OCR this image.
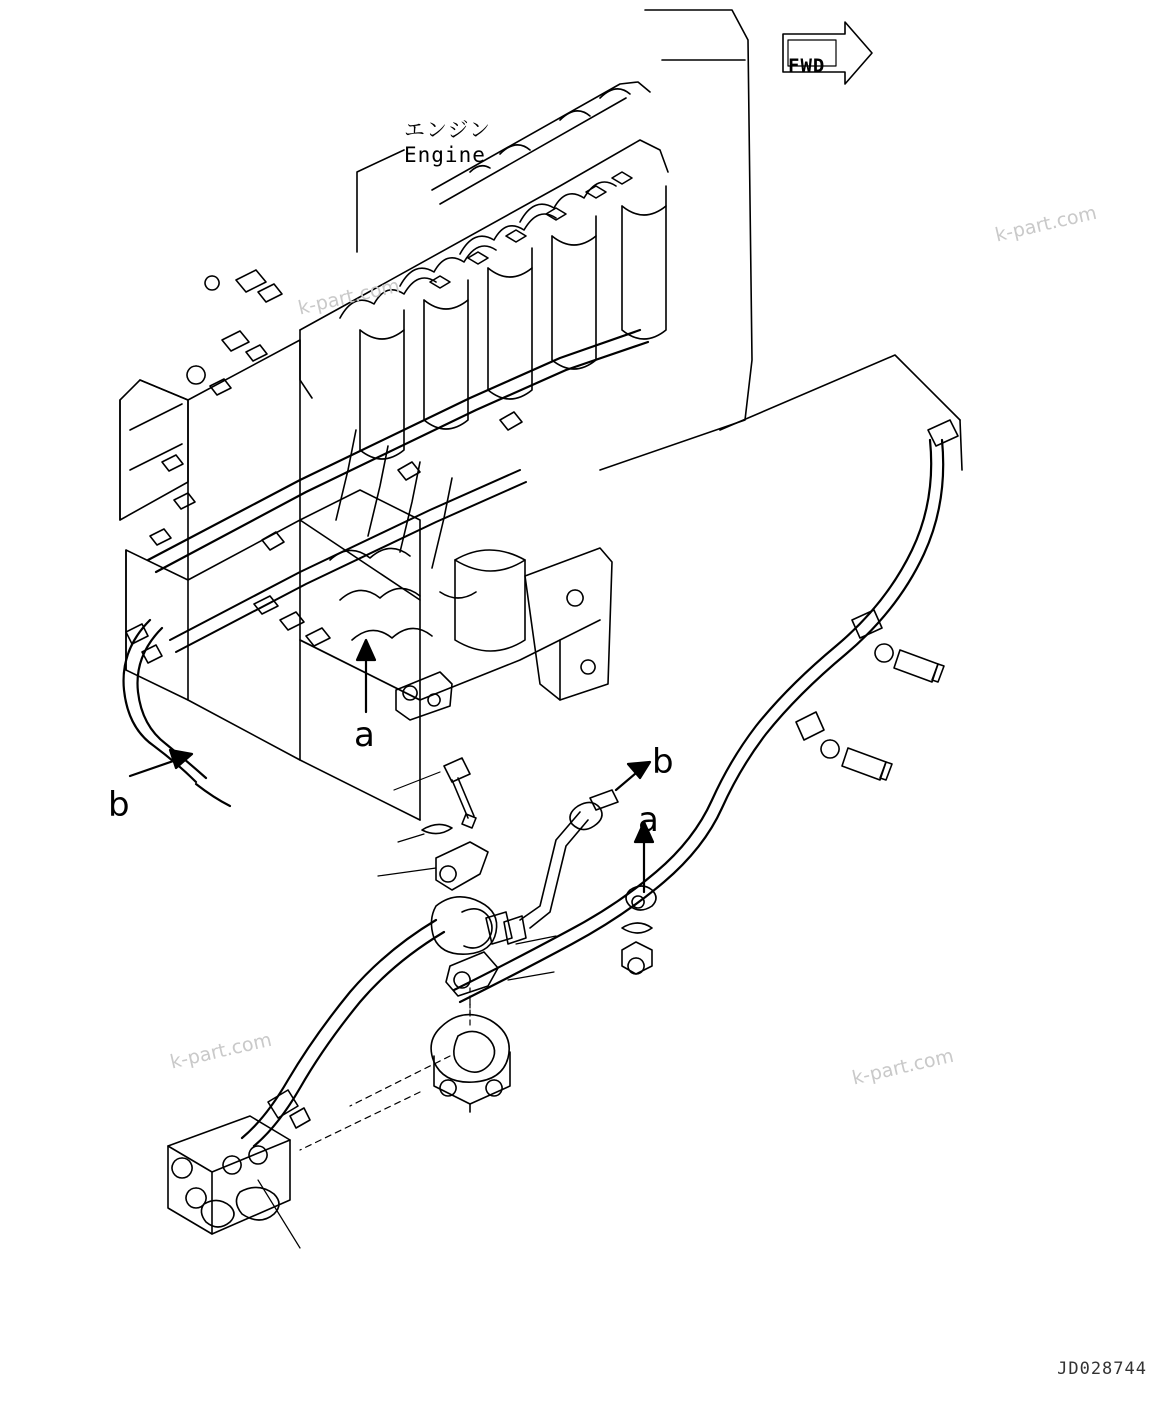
エンジン
Engine
FWD
a
b
b
a
k-part.com
k-part.com
k-part.com	k-part.com
JD028744
